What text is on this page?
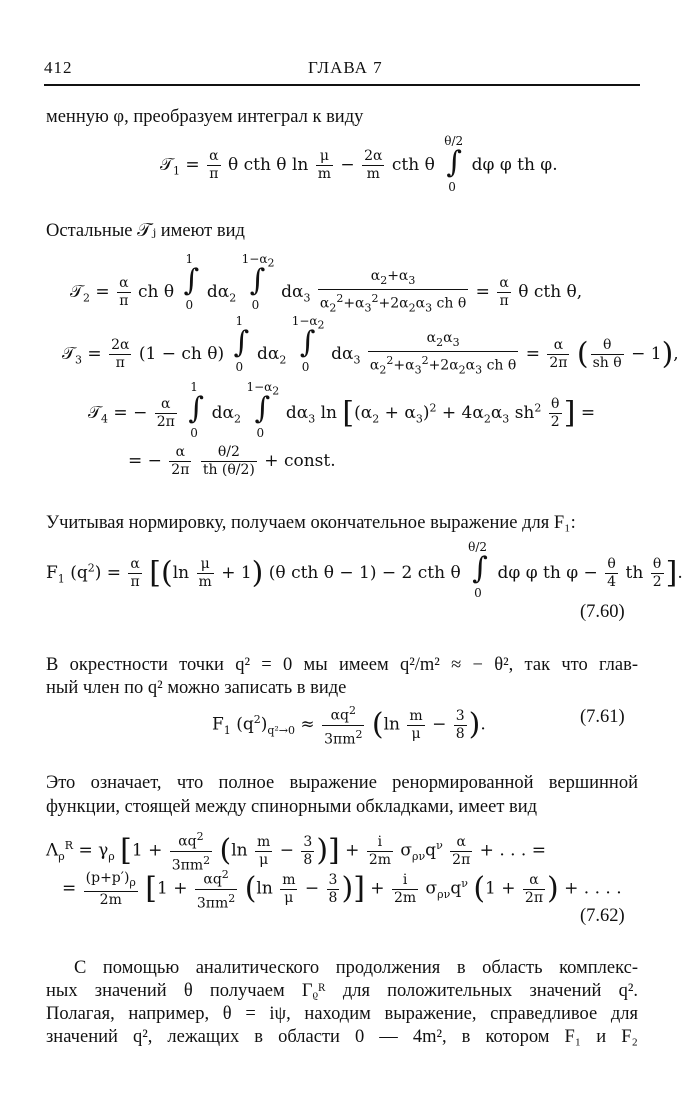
412	ГЛАВА 7
менную φ, преобразуем интеграл к виду
𝒯$_1$ = $\frac{\alpha}{\pi}$ θ cth θ $\ln \frac{\mu}{m} - \frac{2\alpha}{m}$ cth θ
θ/2
∫
0
dφ φ th φ.
Остальные 𝒯ⱼ имеют вид
𝒯$_2$ = $\frac{\alpha}{\pi}$ ch θ
1
∫
0
$d\alpha_2$
$1-\alpha_2$
∫
0
$d\alpha_3 \frac{\alpha_2+\alpha_3}{\alpha_2^2+\alpha_3^2+2\alpha_2\alpha_3 ch \theta} = \frac{\alpha}{\pi}$ θ cth θ,
𝒯$_3$ = $\frac{2\alpha}{\pi} (1$ − ch θ)
1
∫
0
$d\alpha_2$
$1-\alpha_2$
∫
0
$d\alpha_3 \frac{\alpha_2\alpha_3}{\alpha_2^2+\alpha_3^2+2\alpha_2\alpha_3 ch \theta} = \frac{\alpha}{2\pi}$ ( $\frac{\theta}{\text{sh θ}} - 1$),
𝒯$_4$ = − $\frac{\alpha}{2\pi}$

1
∫
0
$d\alpha_2$
$1-\alpha_2$
∫
0
$d\alpha_3$ $\ln [(\alpha_2 + \alpha_3)^2 + 4\alpha_2\alpha_3$ $sh^2 \frac{\theta}{2}$ ] =
= − $\frac{\alpha}{2\pi}$
$\frac{\theta/2}{th (\theta/2)}$ + const.
Учитывая нормировку, получаем окончательное выражение для F₁:
$F_1$ $(q^2) = \frac{\alpha}{\pi} [(\ln \frac{\mu}{m} + 1)$ (θ cth θ − 1) − 2 cth θ
θ/2
∫
0
dφ φ th $\varphi - \frac{\theta}{4}$ th $\frac{\theta}{2}$ ].
(7.60)
В окрестности точки q² = 0 мы имеем q²/m² ≈ − θ², так что глав-
ный член по q² можно записать в виде
$F_1$ $(q^2)_{q^2\to 0} \approx \frac{\alpha q^2}{3\pi m^2} (\ln \frac{m}{\mu} - \frac{3}{8}$ ).	(7.61)
Это означает, что полное выражение ренормированной вершинной
функции, стоящей между спинорными обкладками, имеет вид
$\Lambda_\rho^R = \gamma_\rho$ [$1 + \frac{\alpha q^2}{3\pi m^2} (\ln \frac{m}{\mu} - \frac{3}{8}$ )] + $\frac{i}{2m} \sigma_{\rho\nu}q^\nu \frac{\alpha}{2\pi}$ + . . . =
= $\frac{(p+p')_\rho}{2m} [1 + \frac{\alpha q^2}{3\pi m^2} (\ln \frac{m}{\mu} - \frac{3}{8}$ )] + $\frac{i}{2m} \sigma_{\rho\nu}q^\nu$ ($1 + \frac{\alpha}{2\pi}$ ) + . . . .
(7.62)
С помощью аналитического продолжения в область комплекс-
ных значений θ получаем Γᵨᴿ для положительных значений q².
Полагая, например, θ = iψ, находим выражение, справедливое для
значений q², лежащих в области 0 — 4m², в котором F₁ и F₂
